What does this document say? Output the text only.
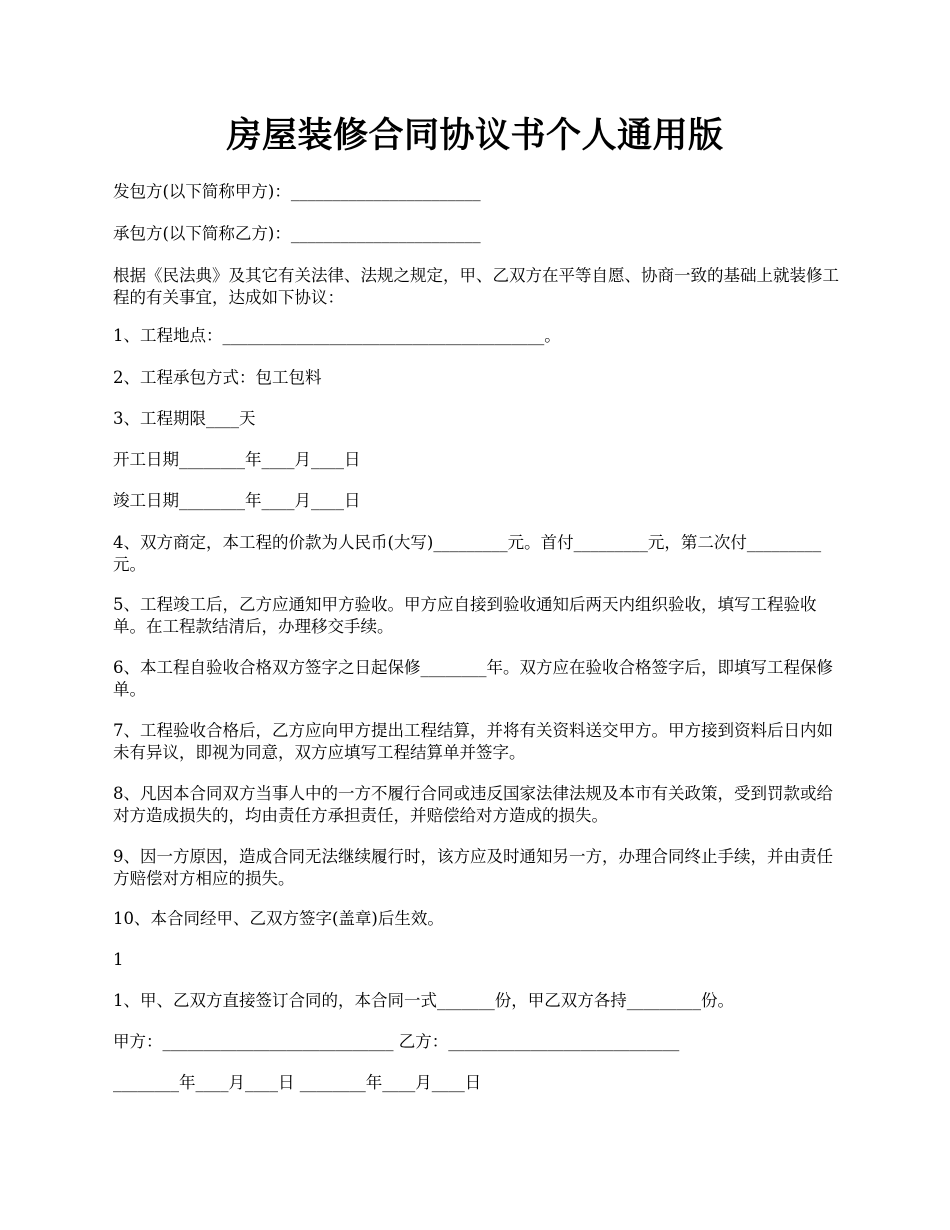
房屋装修合同协议书个人通用版

发包方(以下简称甲方)：_______________________

承包方(以下简称乙方)：_______________________

根据《民法典》及其它有关法律、法规之规定，甲、乙双方在平等自愿、协商一致的基础上就装修工程的有关事宜，达成如下协议：

1、工程地点：_______________________________________。

2、工程承包方式：包工包料

3、工程期限____天

开工日期________年____月____日

竣工日期________年____月____日

4、双方商定，本工程的价款为人民币(大写)_________元。首付_________元，第二次付_________元。

5、工程竣工后，乙方应通知甲方验收。甲方应自接到验收通知后两天内组织验收，填写工程验收单。在工程款结清后，办理移交手续。

6、本工程自验收合格双方签字之日起保修________年。双方应在验收合格签字后，即填写工程保修单。

7、工程验收合格后，乙方应向甲方提出工程结算，并将有关资料送交甲方。甲方接到资料后日内如未有异议，即视为同意，双方应填写工程结算单并签字。

8、凡因本合同双方当事人中的一方不履行合同或违反国家法律法规及本市有关政策，受到罚款或给对方造成损失的，均由责任方承担责任，并赔偿给对方造成的损失。

9、因一方原因，造成合同无法继续履行时，该方应及时通知另一方，办理合同终止手续，并由责任方赔偿对方相应的损失。

10、本合同经甲、乙双方签字(盖章)后生效。

1

1、甲、乙双方直接签订合同的，本合同一式_______份，甲乙双方各持_________份。

甲方：____________________________ 乙方：____________________________

________年____月____日 ________年____月____日
